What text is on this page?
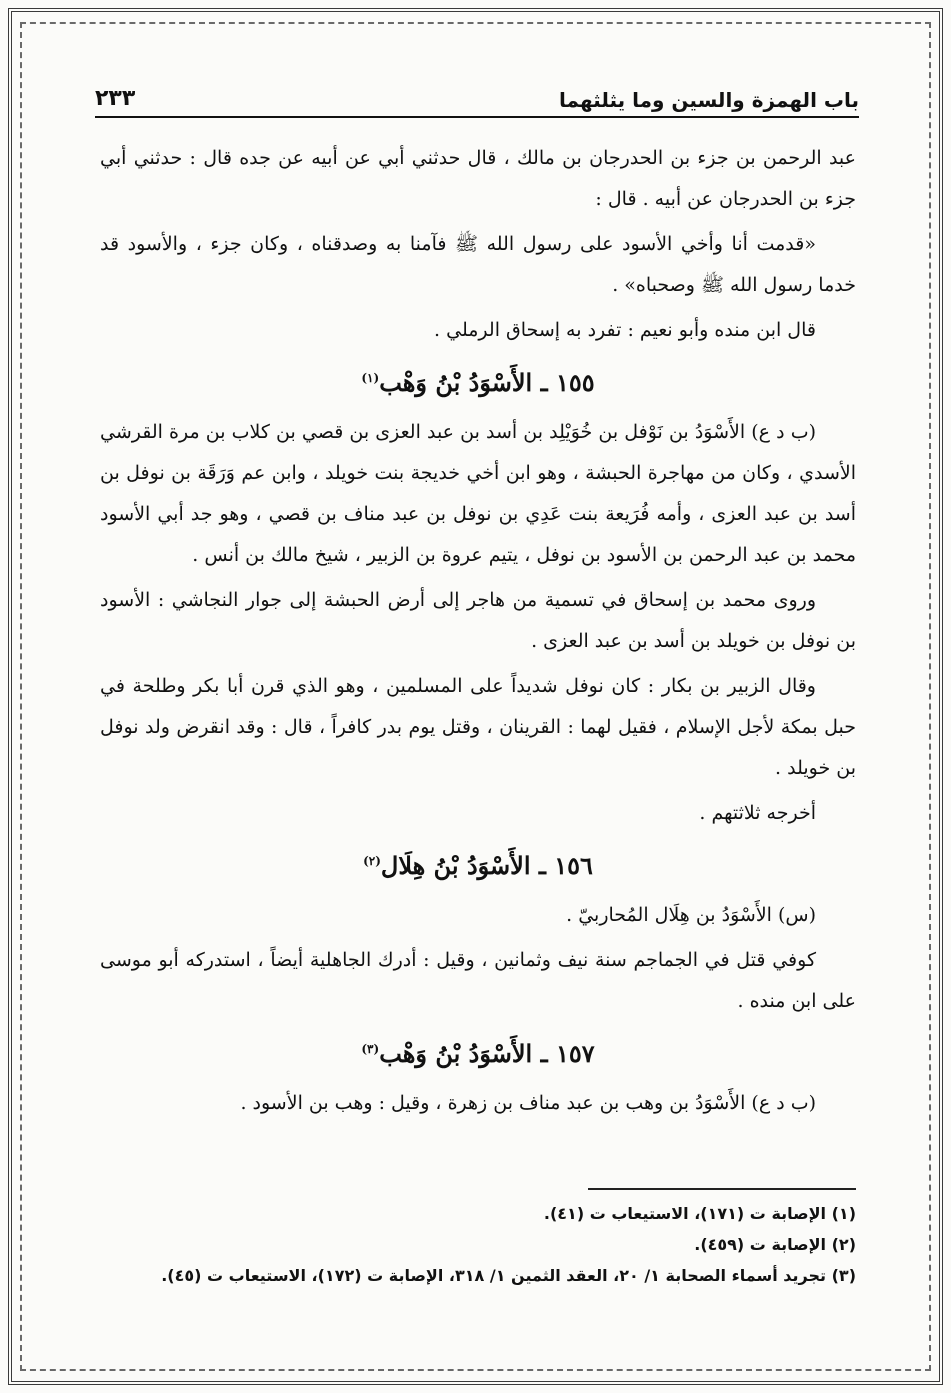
باب الهمزة والسين وما يثلثهما
٢٣٣

عبد الرحمن بن جزء بن الحدرجان بن مالك ، قال حدثني أبي عن أبيه عن جده قال : حدثني أبي جزء بن الحدرجان عن أبيه . قال :

«قدمت أنا وأخي الأسود على رسول الله ﷺ فآمنا به وصدقناه ، وكان جزء ، والأسود قد خدما رسول الله ﷺ وصحباه» .

قال ابن منده وأبو نعيم : تفرد به إسحاق الرملي .

١٥٥ ـ الأَسْوَدُ بْنُ وَهْب$^{(١)}$

(ب د ع) الأَسْوَدُ بن نَوْفل بن خُوَيْلِد بن أسد بن عبد العزى بن قصي بن كلاب بن مرة القرشي الأسدي ، وكان من مهاجرة الحبشة ، وهو ابن أخي خديجة بنت خويلد ، وابن عم وَرَقَة بن نوفل بن أسد بن عبد العزى ، وأمه فُرَيعة بنت عَدِي بن نوفل بن عبد مناف بن قصي ، وهو جد أبي الأسود محمد بن عبد الرحمن بن الأسود بن نوفل ، يتيم عروة بن الزبير ، شيخ مالك بن أنس .

وروى محمد بن إسحاق في تسمية من هاجر إلى أرض الحبشة إلى جوار النجاشي : الأسود بن نوفل بن خويلد بن أسد بن عبد العزى .

وقال الزبير بن بكار : كان نوفل شديداً على المسلمين ، وهو الذي قرن أبا بكر وطلحة في حبل بمكة لأجل الإسلام ، فقيل لهما : القرينان ، وقتل يوم بدر كافراً ، قال : وقد انقرض ولد نوفل بن خويلد .

أخرجه ثلاثتهم .

١٥٦ ـ الأَسْوَدُ بْنُ هِلَال$^{(٢)}$

(س) الأَسْوَدُ بن هِلَال المُحاربيّ .

كوفي قتل في الجماجم سنة نيف وثمانين ، وقيل : أدرك الجاهلية أيضاً ، استدركه أبو موسى على ابن منده .

١٥٧ ـ الأَسْوَدُ بْنُ وَهْب$^{(٣)}$

(ب د ع) الأَسْوَدُ بن وهب بن عبد مناف بن زهرة ، وقيل : وهب بن الأسود .

(١) الإصابة ت (١٧١)، الاستيعاب ت (٤١).
(٢) الإصابة ت (٤٥٩).
(٣) تجريد أسماء الصحابة ١/ ٢٠، العقد الثمين ١/ ٣١٨، الإصابة ت (١٧٢)، الاستيعاب ت (٤٥).
